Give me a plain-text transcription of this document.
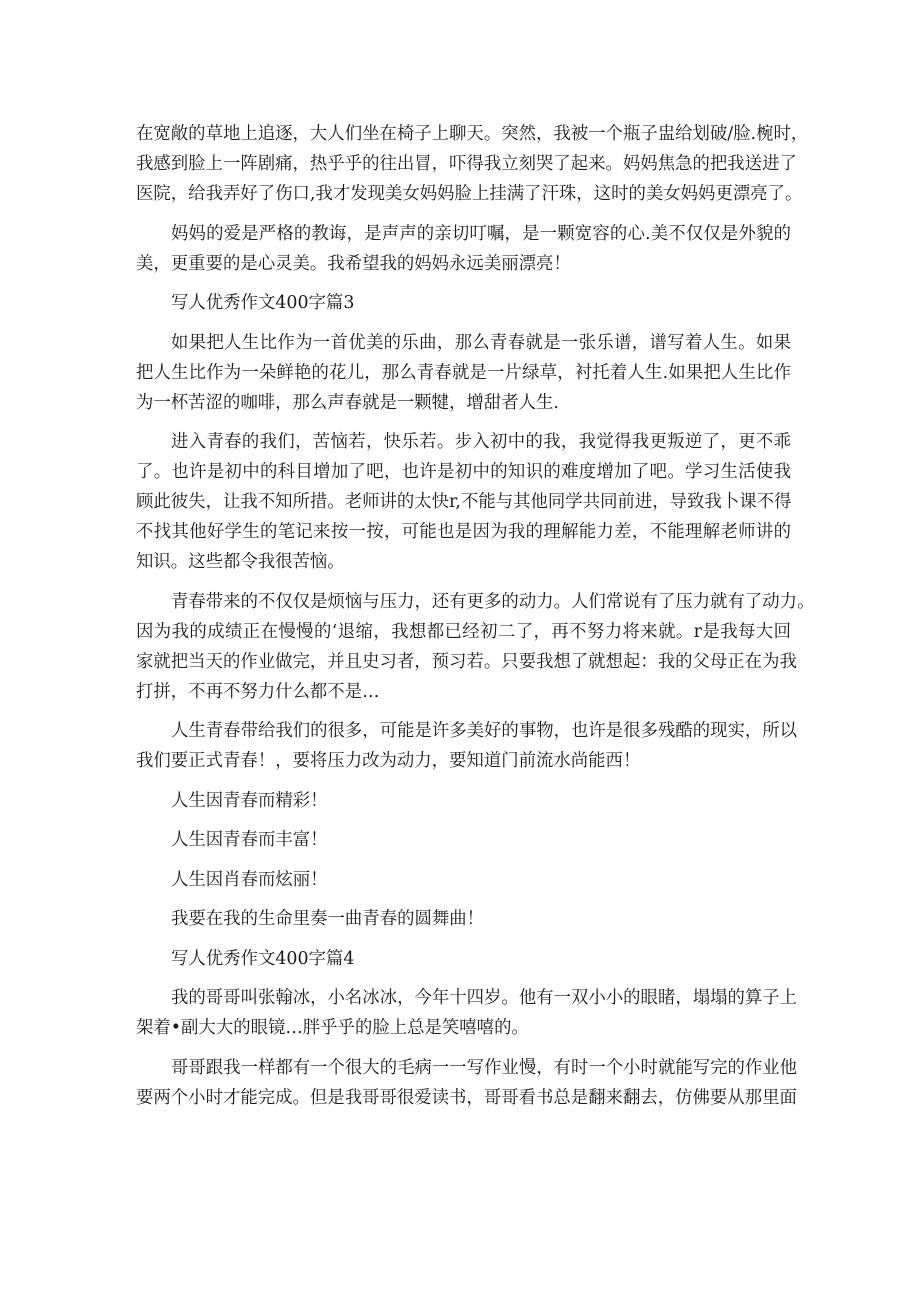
在宽敞的草地上追逐，大人们坐在椅子上聊天。突然，我被一个瓶子盅给划破/脸.椀时，
我感到脸上一阵剧痛，热乎乎的往出冒，吓得我立刻哭了起来。妈妈焦急的把我送进了
医院，给我弄好了伤口,我才发现美女妈妈脸上挂满了汗珠，这时的美女妈妈更漂亮了。
妈妈的爱是严格的教诲，是声声的亲切叮嘱，是一颗宽容的心.美不仅仅是外貌的
美，更重要的是心灵美。我希望我的妈妈永远美丽漂亮！
写人优秀作文400字篇3
如果把人生比作为一首优美的乐曲，那么青春就是一张乐谱，谱写着人生。如果
把人生比作为一朵鲜艳的花儿，那么青春就是一片绿草，衬托着人生.如果把人生比作
为一杯苦涩的咖啡，那么声春就是一颗犍，增甜者人生.
进入青春的我们，苦恼若，快乐若。步入初中的我，我觉得我更叛逆了，更不乖
了。也许是初中的科目增加了吧，也许是初中的知识的难度增加了吧。学习生活使我
顾此彼失，让我不知所措。老师讲的太快r,不能与其他同学共同前进，导致我卜课不得
不找其他好学生的笔记来按一按，可能也是因为我的理解能力差，不能理解老师讲的
知识。这些都令我很苦恼。
青春带来的不仅仅是烦恼与压力，还有更多的动力。人们常说有了压力就有了动力。
因为我的成绩正在慢慢的‘退缩，我想都已经初二了，再不努力将来就。r是我每大回
家就把当天的作业做完，并且史习者，预习若。只要我想了就想起：我的父母正在为我
打拼，不再不努力什么都不是…
人生青春带给我们的很多，可能是许多美好的事物，也许是很多残酷的现实，所以
我们要正式青春！，要将压力改为动力，要知道门前流水尚能西！
人生因青春而精彩！
人生因青春而丰富！
人生因肖春而炫丽！
我要在我的生命里奏一曲青春的圆舞曲！
写人优秀作文400字篇4
我的哥哥叫张翰冰，小名冰冰，今年十四岁。他有一双小小的眼睹，塌塌的算子上
架着•副大大的眼镜…胖乎乎的脸上总是笑嘻嘻的。
哥哥跟我一样都有一个很大的毛病一一写作业慢，有时一个小时就能写完的作业他
要两个小时才能完成。但是我哥哥很爱读书，哥哥看书总是翻来翻去，仿佛要从那里面
